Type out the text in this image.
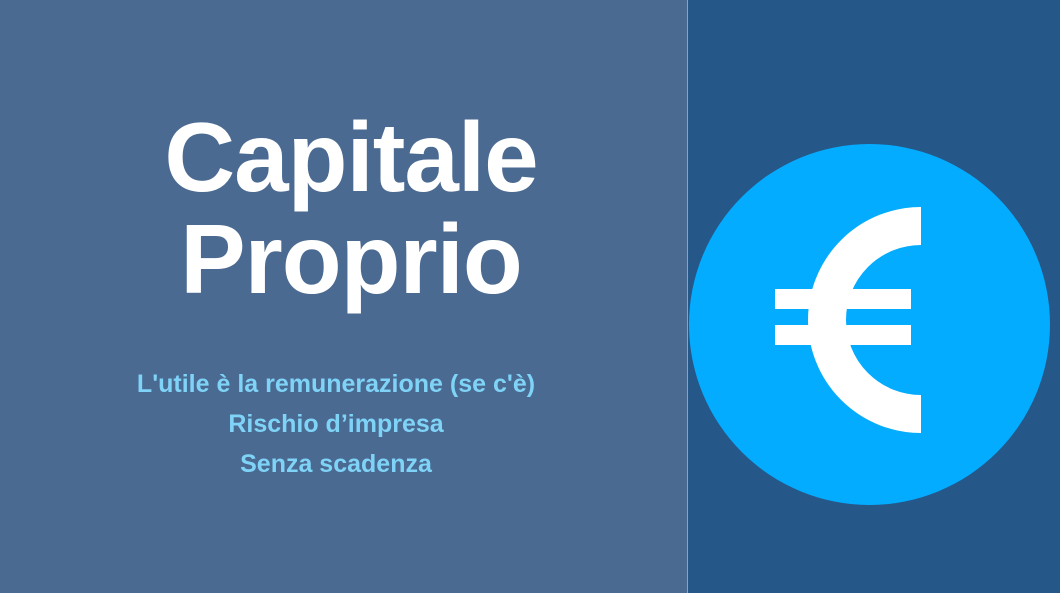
Capitale
Proprio
L'utile è la remunerazione (se c'è)
Rischio d’impresa
Senza scadenza
